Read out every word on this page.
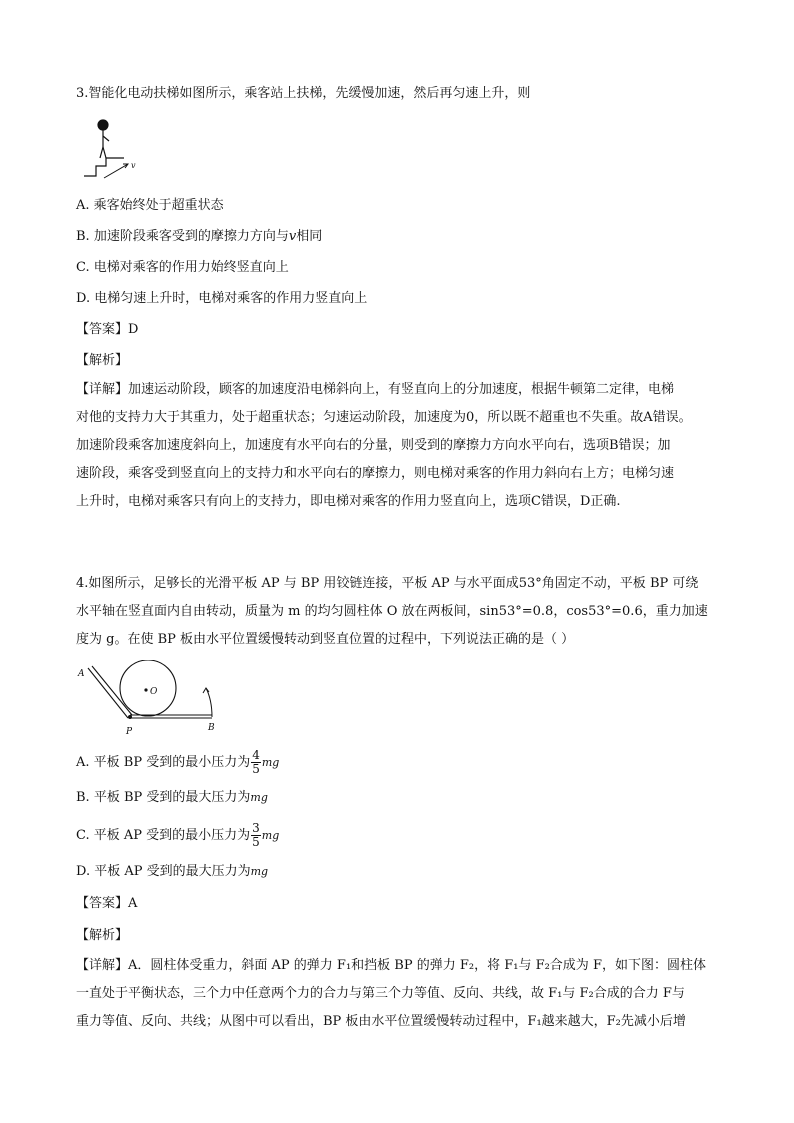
3.智能化电动扶梯如图所示，乘客站上扶梯，先缓慢加速，然后再匀速上升，则
v
A. 乘客始终处于超重状态
B. 加速阶段乘客受到的摩擦力方向与v相同
C. 电梯对乘客的作用力始终竖直向上
D. 电梯匀速上升时，电梯对乘客的作用力竖直向上
【答案】D
【解析】

【详解】加速运动阶段，顾客的加速度沿电梯斜向上，有竖直向上的分加速度，根据牛顿第二定律，电梯

对他的支持力大于其重力，处于超重状态；匀速运动阶段，加速度为0，所以既不超重也不失重。故A错误。

加速阶段乘客加速度斜向上，加速度有水平向右的分量，则受到的摩擦力方向水平向右，选项B错误；加

速阶段，乘客受到竖直向上的支持力和水平向右的摩擦力，则电梯对乘客的作用力斜向右上方；电梯匀速

上升时，电梯对乘客只有向上的支持力，即电梯对乘客的作用力竖直向上，选项C错误，D正确.

4.如图所示，足够长的光滑平板 AP 与 BP 用铰链连接，平板 AP 与水平面成53°角固定不动，平板 BP 可绕

水平轴在竖直面内自由转动，质量为 m 的均匀圆柱体 O 放在两板间，sin53°=0.8，cos53°=0.6，重力加速

度为 g。在使 BP 板由水平位置缓慢转动到竖直位置的过程中，下列说法正确的是（ ）

A
O
P	B
A. 平板 BP 受到的最小压力为 $\frac{4}{5}$ mg
B. 平板 BP 受到的最大压力为mg
C. 平板 AP 受到的最小压力为 $\frac{3}{5}$ mg
D. 平板 AP 受到的最大压力为mg
【答案】A
【解析】

【详解】A．圆柱体受重力，斜面 AP 的弹力 F₁和挡板 BP 的弹力 F₂，将 F₁与 F₂合成为 F，如下图：圆柱体

一直处于平衡状态，三个力中任意两个力的合力与第三个力等值、反向、共线，故 F₁与 F₂合成的合力 F与

重力等值、反向、共线；从图中可以看出，BP 板由水平位置缓慢转动过程中，F₁越来越大，F₂先减小后增
